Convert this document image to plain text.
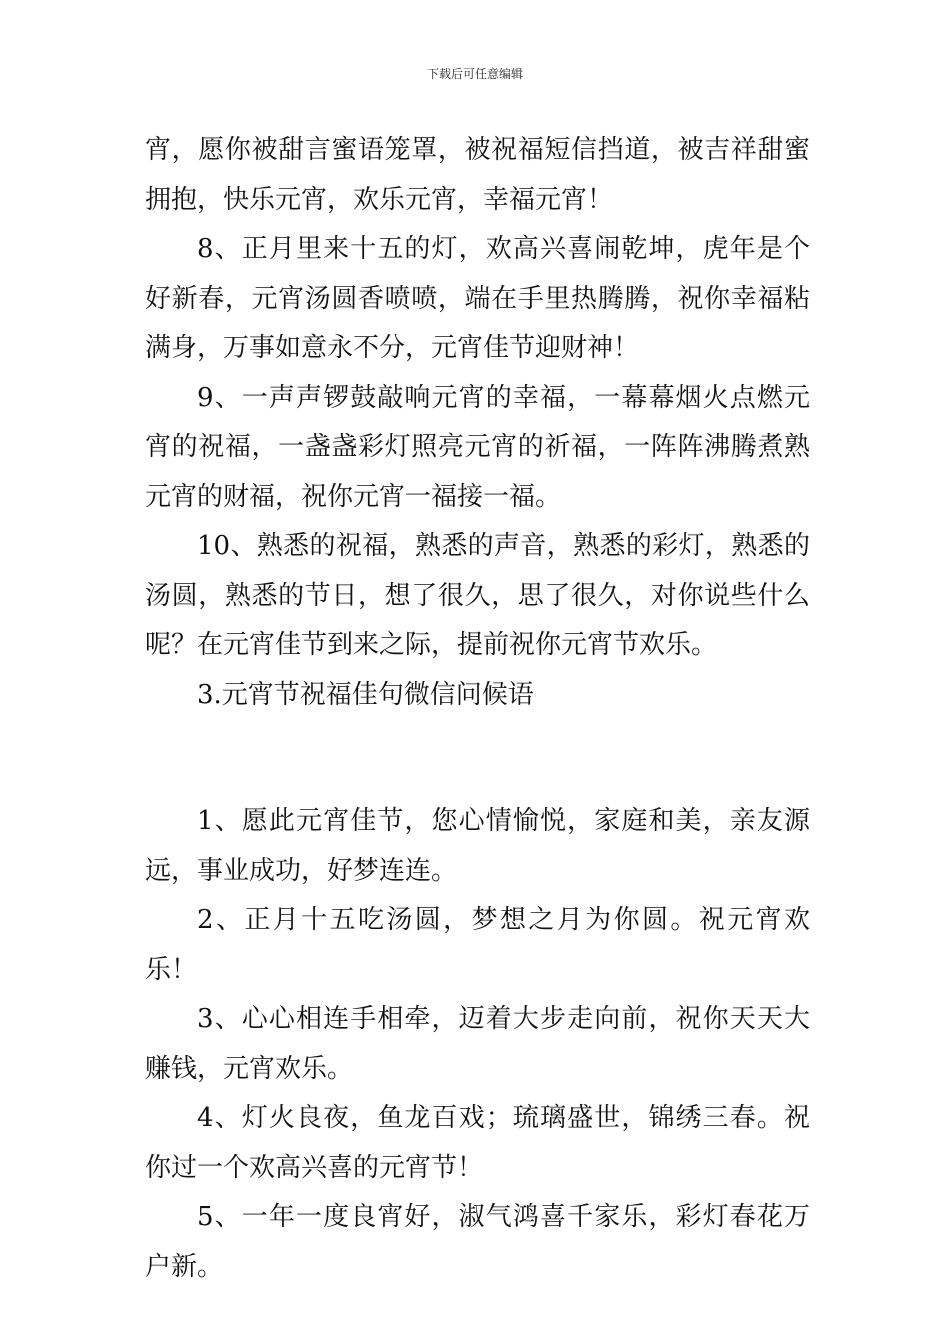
下载后可任意编辑

宵，愿你被甜言蜜语笼罩，被祝福短信挡道，被吉祥甜蜜拥抱，快乐元宵，欢乐元宵，幸福元宵！

8、正月里来十五的灯，欢高兴喜闹乾坤，虎年是个好新春，元宵汤圆香喷喷，端在手里热腾腾，祝你幸福粘满身，万事如意永不分，元宵佳节迎财神！

9、一声声锣鼓敲响元宵的幸福，一幕幕烟火点燃元宵的祝福，一盏盏彩灯照亮元宵的祈福，一阵阵沸腾煮熟元宵的财福，祝你元宵一福接一福。

10、熟悉的祝福，熟悉的声音，熟悉的彩灯，熟悉的汤圆，熟悉的节日，想了很久，思了很久，对你说些什么呢？在元宵佳节到来之际，提前祝你元宵节欢乐。

3.元宵节祝福佳句微信问候语

1、愿此元宵佳节，您心情愉悦，家庭和美，亲友源远，事业成功，好梦连连。

2、正月十五吃汤圆，梦想之月为你圆。祝元宵欢乐！

3、心心相连手相牵，迈着大步走向前，祝你天天大赚钱，元宵欢乐。

4、灯火良夜，鱼龙百戏；琉璃盛世，锦绣三春。祝你过一个欢高兴喜的元宵节！

5、一年一度良宵好，淑气鸿喜千家乐，彩灯春花万户新。
